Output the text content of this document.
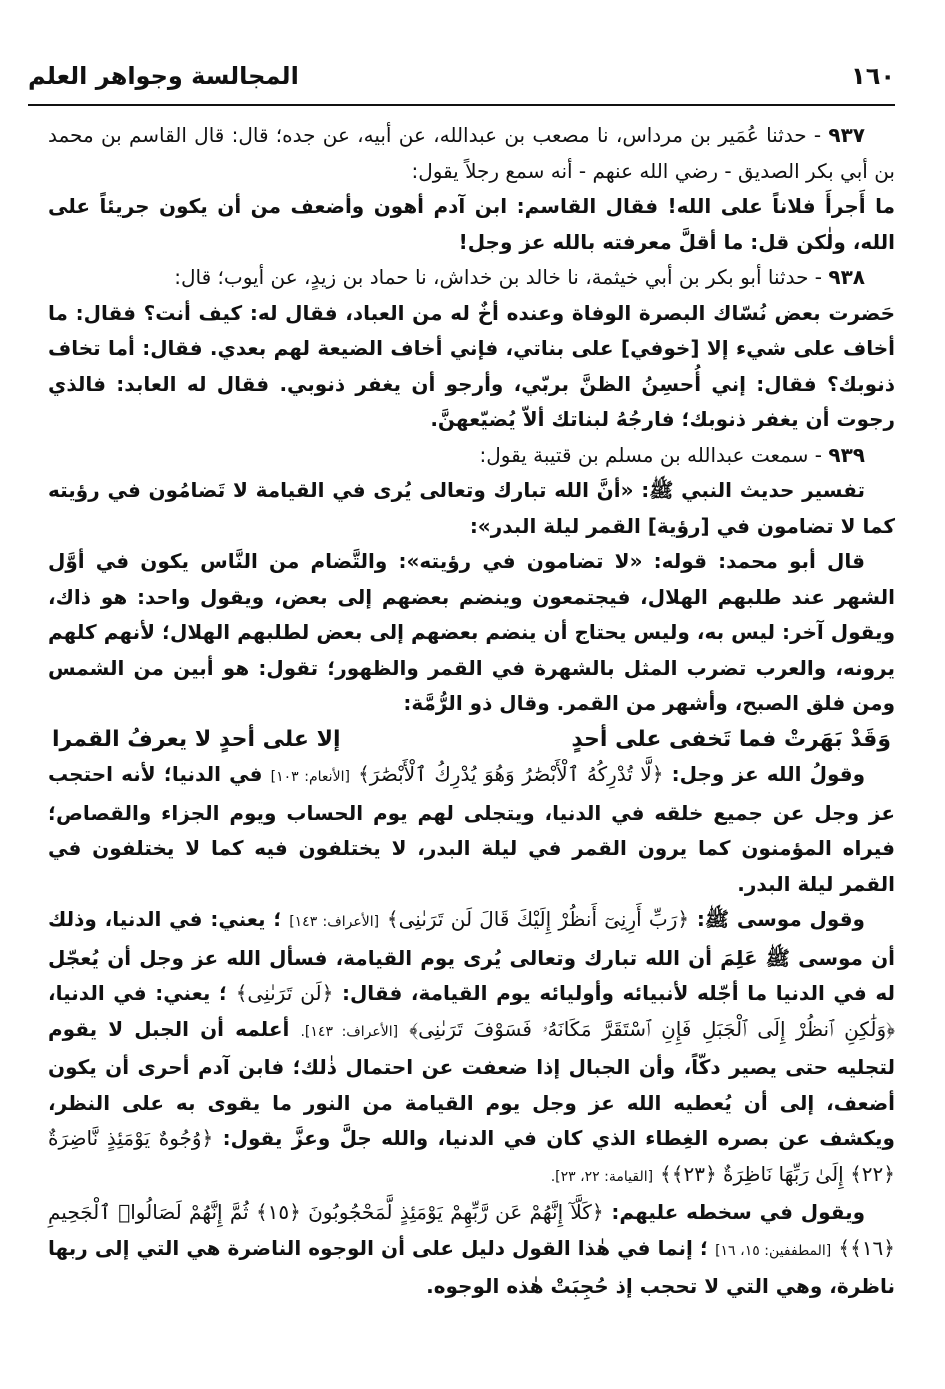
١٦٠
المجالسة وجواهر العلم

٩٣٧ - حدثنا عُمَير بن مرداس، نا مصعب بن عبدالله، عن أبيه، عن جده؛ قال: قال القاسم بن محمد بن أبي بكر الصديق - رضي الله عنهم - أنه سمع رجلاً يقول:

ما أَجرأَ فلاناً على الله! فقال القاسم: ابن آدم أهون وأضعف من أن يكون جريئاً على الله، ولٰكن قل: ما أقلَّ معرفته بالله عز وجل!

٩٣٨ - حدثنا أبو بكر بن أبي خيثمة، نا خالد بن خداش، نا حماد بن زيدٍ، عن أيوب؛ قال:

حَضرت بعض نُسّاك البصرة الوفاة وعنده أخٌ له من العباد، فقال له: كيف أنت؟ فقال: ما أخاف على شيء إلا [خوفي] على بناتي، فإني أخاف الضيعة لهم بعدي. فقال: أما تخاف ذنوبك؟ فقال: إني أُحسِنُ الظنَّ بربّي، وأرجو أن يغفر ذنوبي. فقال له العابد: فالذي رجوت أن يغفر ذنوبك؛ فارجُهُ لبناتك ألاّ يُضيّعهنَّ.

٩٣٩ - سمعت عبدالله بن مسلم بن قتيبة يقول:

تفسير حديث النبي ﷺ: «أنَّ الله تبارك وتعالى يُرى في القيامة لا تَضامُون في رؤيته كما لا تضامون في [رؤية] القمر ليلة البدر»:

قال أبو محمد: قوله: «لا تضامون في رؤيته»: والتَّضام من النَّاس يكون في أوَّل الشهر عند طلبهم الهلال، فيجتمعون وينضم بعضهم إلى بعض، ويقول واحد: هو ذاك، ويقول آخر: ليس به، وليس يحتاج أن ينضم بعضهم إلى بعض لطلبهم الهلال؛ لأنهم كلهم يرونه، والعرب تضرب المثل بالشهرة في القمر والظهور؛ تقول: هو أبين من الشمس ومن فلق الصبح، وأشهر من القمر. وقال ذو الرُّمَّة:

وَقَدْ بَهَرتْ فما تَخفى على أحدٍ
إلا على أحدٍ لا يعرفُ القمرا

وقولُ الله عز وجل: ﴿لَّا تُدْرِكُهُ ٱلْأَبْصَٰرُ وَهُوَ يُدْرِكُ ٱلْأَبْصَٰرَ﴾ [الأنعام: ١٠٣] في الدنيا؛ لأنه احتجب عز وجل عن جميع خلقه في الدنيا، ويتجلى لهم يوم الحساب ويوم الجزاء والقصاص؛ فيراه المؤمنون كما يرون القمر في ليلة البدر، لا يختلفون فيه كما لا يختلفون في القمر ليلة البدر.

وقول موسى ﷺ: ﴿رَبِّ أَرِنِىٓ أَنظُرْ إِلَيْكَ قَالَ لَن تَرَىٰنِى﴾ [الأعراف: ١٤٣] ؛ يعني: في الدنيا، وذلك أن موسى ﷺ عَلِمَ أن الله تبارك وتعالى يُرى يوم القيامة، فسأل الله عز وجل أن يُعجّل له في الدنيا ما أجّله لأنبيائه وأوليائه يوم القيامة، فقال: ﴿لَن تَرَىٰنِى﴾ ؛ يعني: في الدنيا، ﴿وَلَٰكِنِ ٱنظُرْ إِلَى ٱلْجَبَلِ فَإِنِ ٱسْتَقَرَّ مَكَانَهُۥ فَسَوْفَ تَرَىٰنِى﴾ [الأعراف: ١٤٣]. أعلمه أن الجبل لا يقوم لتجليه حتى يصير دكّاً، وأن الجبال إذا ضعفت عن احتمال ذٰلك؛ فابن آدم أحرى أن يكون أضعف، إلى أن يُعطيه الله عز وجل يوم القيامة من النور ما يقوى به على النظر، ويكشف عن بصره الغِطاء الذي كان في الدنيا، والله جلَّ وعزَّ يقول: ﴿وُجُوهٌ يَوْمَئِذٍ نَّاضِرَةٌ ﴿٢٢﴾ إِلَىٰ رَبِّهَا نَاظِرَةٌ ﴿٢٣﴾﴾ [القيامة: ٢٢، ٢٣].

ويقول في سخطه عليهم: ﴿كَلَّآ إِنَّهُمْ عَن رَّبِّهِمْ يَوْمَئِذٍ لَّمَحْجُوبُونَ ﴿١٥﴾ ثُمَّ إِنَّهُمْ لَصَالُوا۟ ٱلْجَحِيمِ ﴿١٦﴾﴾ [المطففين: ١٥، ١٦] ؛ إنما في هٰذا القول دليل على أن الوجوه الناضرة هي التي إلى ربها ناظرة، وهي التي لا تحجب إذ حُجِبَتْ هٰذه الوجوه.
